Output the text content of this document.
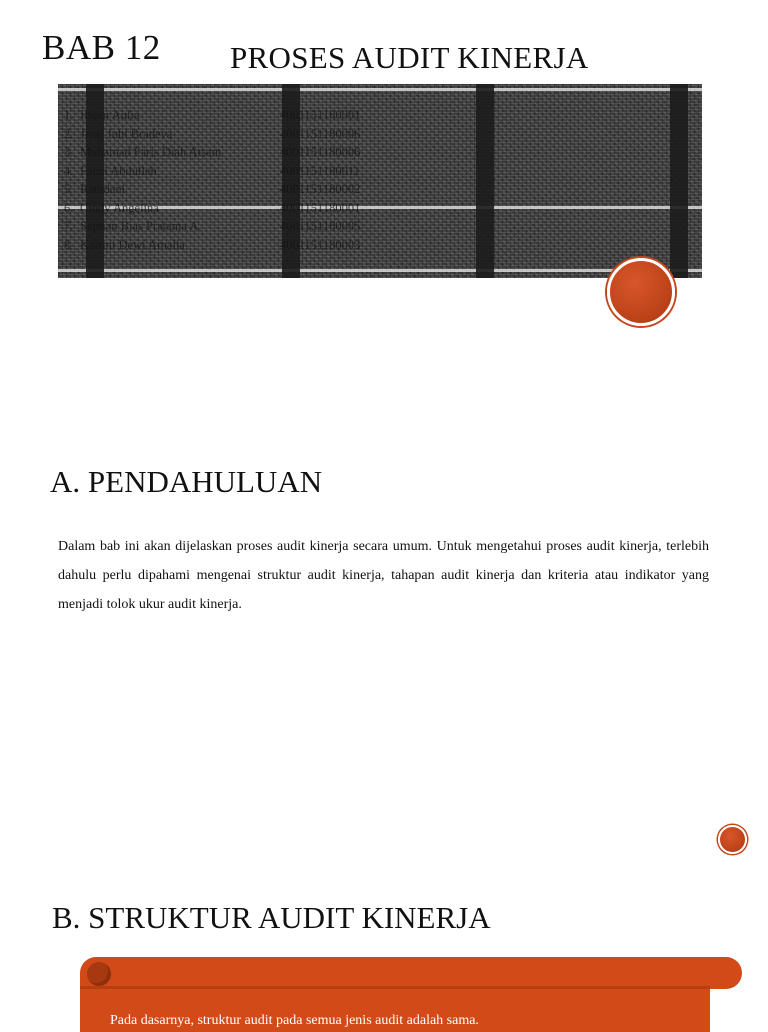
BAB 12 PROSES AUDIT KINERJA
1. Ilham Aulia	4001151180001
2. Jeraj Juhi Bradeva	4001151180006
3. Muhamad Faris Diah Atsam	4001151180006
4. Fauzi Abdullah	4001151180011
5. Ramdani	4001151180002
6. Cindy Angelina	4001151180001
7. Septian Bias Pratama A.	4001151180005
8. Kartini Dewi Amalia	4001151180003
A. PENDAHULUAN
Dalam bab ini akan dijelaskan proses audit kinerja secara umum. Untuk mengetahui proses audit kinerja, terlebih dahulu perlu dipahami mengenai struktur audit kinerja, tahapan audit kinerja dan kriteria atau indikator yang menjadi tolok ukur audit kinerja.
B. STRUKTUR AUDIT KINERJA
Pada dasarnya, struktur audit pada semua jenis audit adalah sama.
